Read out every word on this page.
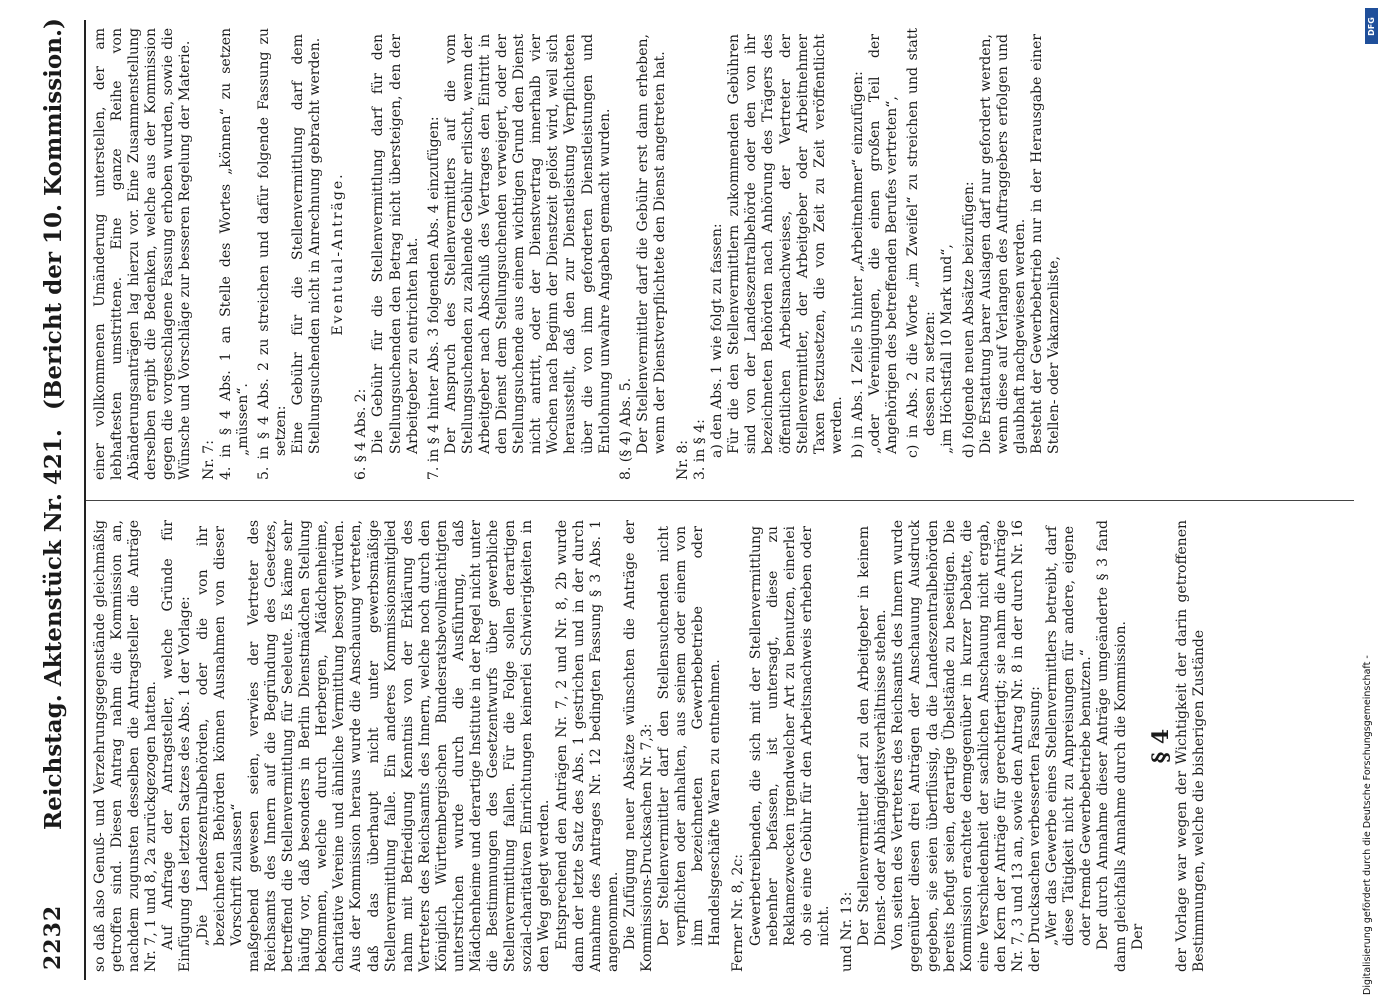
2232
Reichstag. Aktenstück Nr. 421.
(Bericht der 10. Kommission.)

so daß also Genuß- und Verzehrungsgegenstände gleichmäßig getroffen sind. Diesen Antrag nahm die Kommission an, nachdem zugunsten desselben die Antragsteller die Anträge Nr. 7, 1 und 8, 2a zurückgezogen hatten. Auf Anfrage der Antragsteller, welche Gründe für Einfügung des letzten Satzes des Abs. 1 der Vorlage: „Die Landeszentralbehörden, oder die von ihr bezeichneten Behörden können Ausnahmen von dieser Vorschrift zulassen“ maßgebend gewesen seien, verwies der Vertreter des Reichsamts des Innern auf die Begründung des Gesetzes, betreffend die Stellenvermittlung für Seeleute. Es käme sehr häufig vor, daß besonders in Berlin Dienstmädchen Stellung bekommen, welche durch Herbergen, Mädchenheime, charitative Vereine und ähnliche Vermittlung besorgt würden. Aus der Kommission heraus wurde die Anschauung vertreten, daß das überhaupt nicht unter gewerbsmäßige Stellenvermittlung falle. Ein anderes Kommissionsmitglied nahm mit Befriedigung Kenntnis von der Erklärung des Vertreters des Reichsamts des Innern, welche noch durch den Königlich Württembergischen Bundesratsbevollmächtigten unterstrichen wurde durch die Ausführung, daß Mädchenheime und derartige Institute in der Regel nicht unter die Bestimmungen des Gesetzentwurfs über gewerbliche Stellenvermittlung fallen. Für die Folge sollen derartigen sozial-charitativen Einrichtungen keinerlei Schwierigkeiten in den Weg gelegt werden. Entsprechend den Anträgen Nr. 7, 2 und Nr. 8, 2b wurde dann der letzte Satz des Abs. 1 gestrichen und in der durch Annahme des Antrages Nr. 12 bedingten Fassung § 3 Abs. 1 angenommen. Die Zufügung neuer Absätze wünschten die Anträge der Kommissions-Drucksachen Nr. 7,3: Der Stellenvermittler darf den Stellensuchenden nicht verpflichten oder anhalten, aus seinem oder einem von ihm bezeichneten Gewerbebetriebe oder Handelsgeschäfte Waren zu entnehmen. Ferner Nr. 8, 2c: Gewerbetreibenden, die sich mit der Stellenvermittlung nebenher befassen, ist untersagt, diese zu Reklamezwecken irgendwelcher Art zu benutzen, einerlei ob sie eine Gebühr für den Arbeitsnachweis erheben oder nicht. und Nr. 13: Der Stellenvermittler darf zu den Arbeitgeber in keinem Dienst- oder Abhängigkeitsverhältnisse stehen. Von seiten des Vertreters des Reichsamts des Innern wurde gegenüber diesen drei Anträgen der Anschauung Ausdruck gegeben, sie seien überflüssig, da die Landeszentralbehörden bereits befugt seien, derartige Übelstände zu beseitigen. Die Kommission erachtete demgegenüber in kurzer Debatte, die eine Verschiedenheit der sachlichen Anschauung nicht ergab, den Kern der Anträge für gerechtfertigt; sie nahm die Anträge Nr. 7, 3 und 13 an, sowie den Antrag Nr. 8 in der durch Nr. 16 der Drucksachen verbesserten Fassung: „Wer das Gewerbe eines Stellenvermittlers betreibt, darf diese Tätigkeit nicht zu Anpreisungen für andere, eigene oder fremde Gewerbebetriebe benutzen.“ Der durch Annahme dieser Anträge umgeänderte § 3 fand dann gleichfalls Annahme durch die Kommission. Der

§ 4 der Vorlage war wegen der Wichtigkeit der darin getroffenen Bestimmungen, welche die bisherigen Zustände

einer vollkommenen Umänderung unterstellen, der am lebhaftesten umstrittene. Eine ganze Reihe von Abänderungsanträgen lag hierzu vor. Eine Zusammenstellung derselben ergibt die Bedenken, welche aus der Kommission gegen die vorgeschlagene Fassung erhoben wurden, sowie die Wünsche und Vorschläge zur besseren Regelung der Materie. Nr. 7: 4. in § 4 Abs. 1 an Stelle des Wortes „können“ zu setzen „müssen“. 5. in § 4 Abs. 2 zu streichen und dafür folgende Fassung zu setzen: Eine Gebühr für die Stellenvermittlung darf dem Stellungsuchenden nicht in Anrechnung gebracht werden. Eventual-Anträge.

6. § 4 Abs. 2: Die Gebühr für die Stellenvermittlung darf für den Stellungsuchenden den Betrag nicht übersteigen, den der Arbeitgeber zu entrichten hat. 7. in § 4 hinter Abs. 3 folgenden Abs. 4 einzufügen: Der Anspruch des Stellenvermittlers auf die vom Stellungsuchenden zu zahlende Gebühr erlischt, wenn der Arbeitgeber nach Abschluß des Vertrages den Eintritt in den Dienst dem Stellungsuchenden verweigert, oder der Stellungsuchende aus einem wichtigen Grund den Dienst nicht antritt, oder der Dienstvertrag innerhalb vier Wochen nach Beginn der Dienstzeit gelöst wird, weil sich herausstellt, daß den zur Dienstleistung Verpflichteten über die von ihm geforderten Dienstleistungen und Entlohnung unwahre Angaben gemacht wurden. 8. (§ 4) Abs. 5. Der Stellenvermittler darf die Gebühr erst dann erheben, wenn der Dienstverpflichtete den Dienst angetreten hat.

Nr. 8: 3. in § 4: a) den Abs. 1 wie folgt zu fassen: Für die den Stellenvermittlern zukommenden Gebühren sind von der Landeszentralbehörde oder den von ihr bezeichneten Behörden nach Anhörung des Trägers des öffentlichen Arbeitsnachweises, der Vertreter der Stellenvermittler, der Arbeitgeber oder Arbeitnehmer Taxen festzusetzen, die von Zeit zu Zeit veröffentlicht werden. b) in Abs. 1 Zeile 5 hinter „Arbeitnehmer“ einzufügen: „oder Vereinigungen, die einen großen Teil der Angehörigen des betreffenden Berufes vertreten“, c) in Abs. 2 die Worte „im Zweifel“ zu streichen und statt dessen zu setzen: „im Höchstfall 10 Mark und“, d) folgende neuen Absätze beizufügen: Die Erstattung barer Auslagen darf nur gefordert werden, wenn diese auf Verlangen des Auftraggebers erfolgen und glaubhaft nachgewiesen werden. Besteht der Gewerbebetrieb nur in der Herausgabe einer Stellen- oder Vakanzenliste,

Digitalisierung gefördert durch die Deutsche Forschungsgemeinschaft -
DFG
